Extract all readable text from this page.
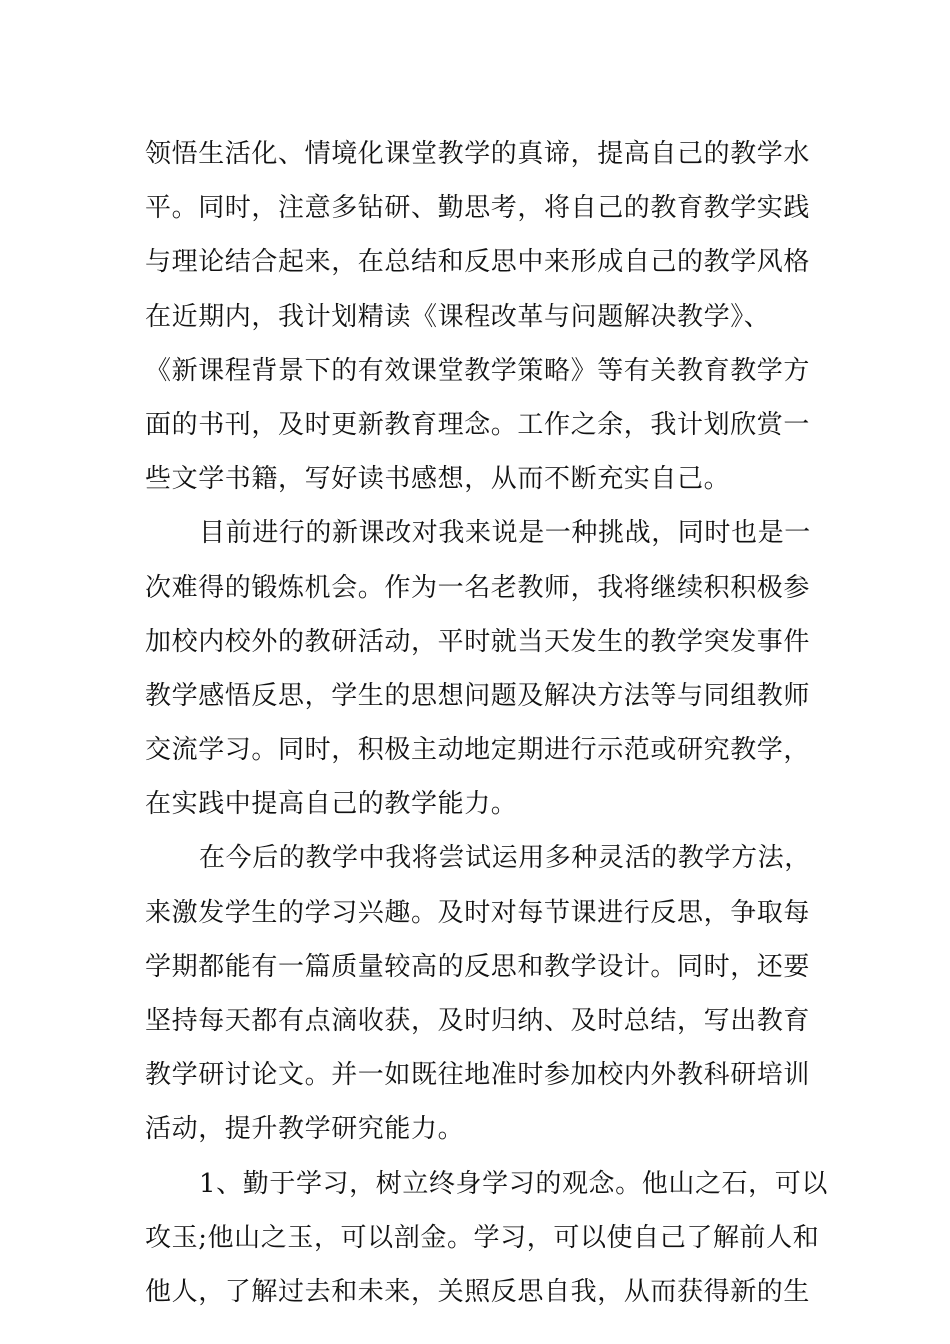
领悟生活化、情境化课堂教学的真谛，提高自己的教学水
平。同时，注意多钻研、勤思考，将自己的教育教学实践
与理论结合起来，在总结和反思中来形成自己的教学风格
在近期内，我计划精读《课程改革与问题解决教学》、
《新课程背景下的有效课堂教学策略》等有关教育教学方
面的书刊，及时更新教育理念。工作之余，我计划欣赏一
些文学书籍，写好读书感想，从而不断充实自己。
目前进行的新课改对我来说是一种挑战，同时也是一
次难得的锻炼机会。作为一名老教师，我将继续积积极参
加校内校外的教研活动，平时就当天发生的教学突发事件
教学感悟反思，学生的思想问题及解决方法等与同组教师
交流学习。同时，积极主动地定期进行示范或研究教学，
在实践中提高自己的教学能力。
在今后的教学中我将尝试运用多种灵活的教学方法，
来激发学生的学习兴趣。及时对每节课进行反思，争取每
学期都能有一篇质量较高的反思和教学设计。同时，还要
坚持每天都有点滴收获，及时归纳、及时总结，写出教育
教学研讨论文。并一如既往地准时参加校内外教科研培训
活动，提升教学研究能力。
1、勤于学习，树立终身学习的观念。他山之石，可以
攻玉;他山之玉，可以剖金。学习，可以使自己了解前人和
他人，了解过去和未来，关照反思自我，从而获得新的生
